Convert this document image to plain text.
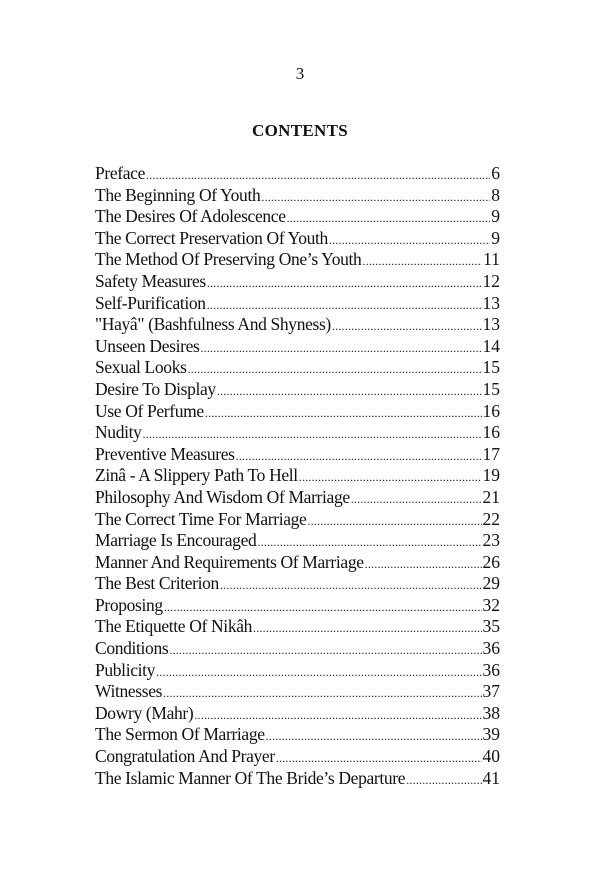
3
CONTENTS
Preface .....	6
The Beginning Of Youth .....	8
The Desires Of Adolescence .....	9
The Correct Preservation Of Youth .....	9
The Method Of Preserving One’s Youth .....	11
Safety Measures .....	12
Self-Purification .....	13
"Hayâ" (Bashfulness And Shyness) .....	13
Unseen Desires .....	14
Sexual Looks .....	15
Desire To Display .....	15
Use Of Perfume .....	16
Nudity .....	16
Preventive Measures .....	17
Zinâ - A Slippery Path To Hell .....	19
Philosophy And Wisdom Of Marriage .....	21
The Correct Time For Marriage .....	22
Marriage Is Encouraged .....	23
Manner And Requirements Of Marriage .....	26
The Best Criterion .....	29
Proposing .....	32
The Etiquette Of Nikâh .....	35
Conditions .....	36
Publicity .....	36
Witnesses .....	37
Dowry (Mahr) .....	38
The Sermon Of Marriage .....	39
Congratulation And Prayer .....	40
The Islamic Manner Of The Bride’s Departure .....	41
